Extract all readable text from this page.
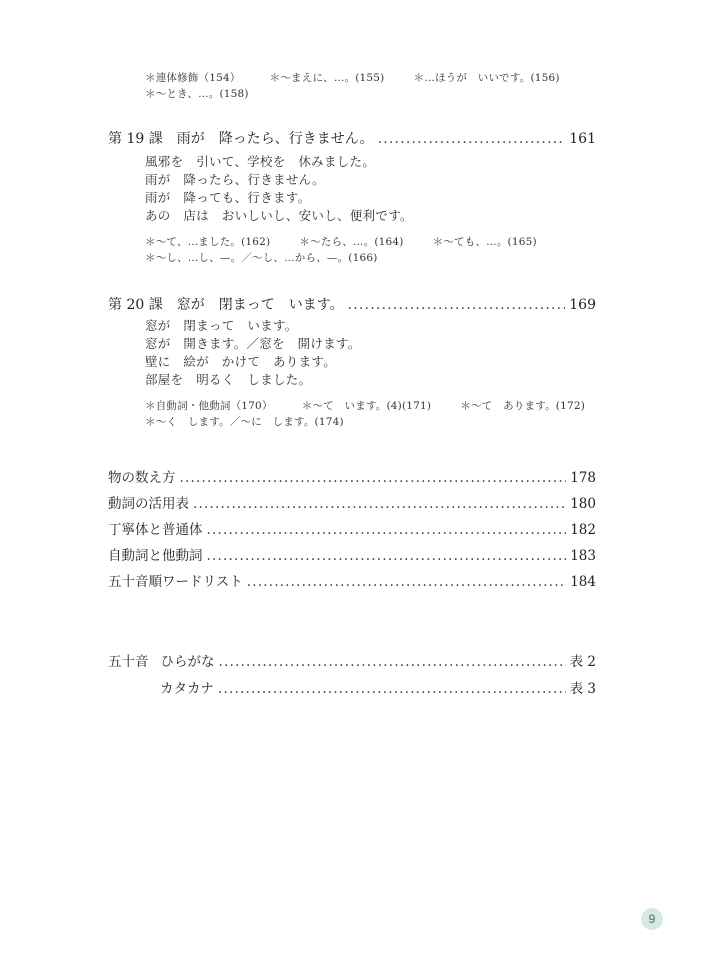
＊連体修飾（154）	＊〜まえに、…。(155)	＊…ほうが　いいです。(156)
＊〜とき、…。(158)
第 19 課　雨が　降ったら、行きません。 .....	161
風邪を　引いて、学校を　休みました。
雨が　降ったら、行きません。
雨が　降っても、行きます。
あの　店は　おいしいし、安いし、便利です。
＊〜て、…ました。(162)	＊〜たら、…。(164)	＊〜ても、…。(165)
＊〜し、…し、—。／〜し、…から、—。(166)
第 20 課　窓が　閉まって　います。 .....	169
窓が　閉まって　います。
窓が　開きます。／窓を　開けます。
壁に　絵が　かけて　あります。
部屋を　明るく　しました。
＊自動詞・他動詞（170）	＊〜て　います。(4)(171)	＊〜て　あります。(172)
＊〜く　します。／〜に　します。(174)
物の数え方 .....	178
動詞の活用表 .....	180
丁寧体と普通体 .....	182
自動詞と他動詞 .....	183
五十音順ワードリスト .....	184
五十音 ひらがな .....	表 2
カタカナ .....	表 3
9
